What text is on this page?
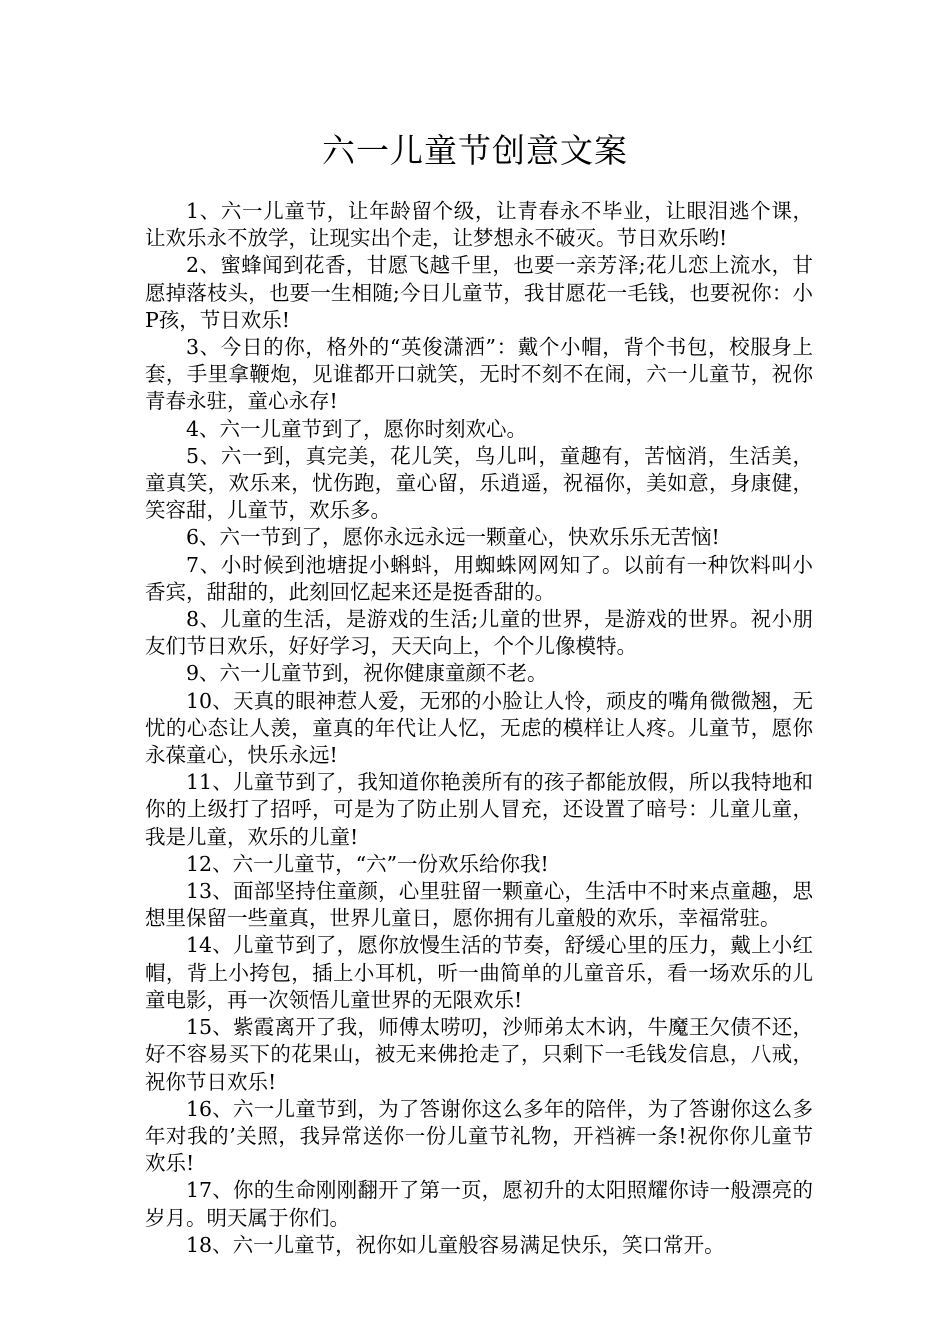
六一儿童节创意文案

1、六一儿童节，让年龄留个级，让青春永不毕业，让眼泪逃个课，让欢乐永不放学，让现实出个走，让梦想永不破灭。节日欢乐哟!

2、蜜蜂闻到花香，甘愿飞越千里，也要一亲芳泽;花儿恋上流水，甘愿掉落枝头，也要一生相随;今日儿童节，我甘愿花一毛钱，也要祝你：小P孩，节日欢乐!

3、今日的你，格外的“英俊潇洒”：戴个小帽，背个书包，校服身上套，手里拿鞭炮，见谁都开口就笑，无时不刻不在闹，六一儿童节，祝你青春永驻，童心永存!

4、六一儿童节到了，愿你时刻欢心。

5、六一到，真完美，花儿笑，鸟儿叫，童趣有，苦恼消，生活美，童真笑，欢乐来，忧伤跑，童心留，乐逍遥，祝福你，美如意，身康健，笑容甜，儿童节，欢乐多。

6、六一节到了，愿你永远永远一颗童心，快欢乐乐无苦恼!

7、小时候到池塘捉小蝌蚪，用蜘蛛网网知了。以前有一种饮料叫小香宾，甜甜的，此刻回忆起来还是挺香甜的。

8、儿童的生活，是游戏的生活;儿童的世界，是游戏的世界。祝小朋友们节日欢乐，好好学习，天天向上，个个儿像模特。

9、六一儿童节到，祝你健康童颜不老。

10、天真的眼神惹人爱，无邪的小脸让人怜，顽皮的嘴角微微翘，无忧的心态让人羡，童真的年代让人忆，无虑的模样让人疼。儿童节，愿你永葆童心，快乐永远!

11、儿童节到了，我知道你艳羡所有的孩子都能放假，所以我特地和你的上级打了招呼，可是为了防止别人冒充，还设置了暗号：儿童儿童，我是儿童，欢乐的儿童!

12、六一儿童节，“六”一份欢乐给你我!

13、面部坚持住童颜，心里驻留一颗童心，生活中不时来点童趣，思想里保留一些童真，世界儿童日，愿你拥有儿童般的欢乐，幸福常驻。

14、儿童节到了，愿你放慢生活的节奏，舒缓心里的压力，戴上小红帽，背上小挎包，插上小耳机，听一曲简单的儿童音乐，看一场欢乐的儿童电影，再一次领悟儿童世界的无限欢乐!

15、紫霞离开了我，师傅太唠叨，沙师弟太木讷，牛魔王欠债不还，好不容易买下的花果山，被无来佛抢走了，只剩下一毛钱发信息，八戒，祝你节日欢乐!

16、六一儿童节到，为了答谢你这么多年的陪伴，为了答谢你这么多年对我的’关照，我异常送你一份儿童节礼物，开裆裤一条!祝你你儿童节欢乐!

17、你的生命刚刚翻开了第一页，愿初升的太阳照耀你诗一般漂亮的岁月。明天属于你们。

18、六一儿童节，祝你如儿童般容易满足快乐，笑口常开。
